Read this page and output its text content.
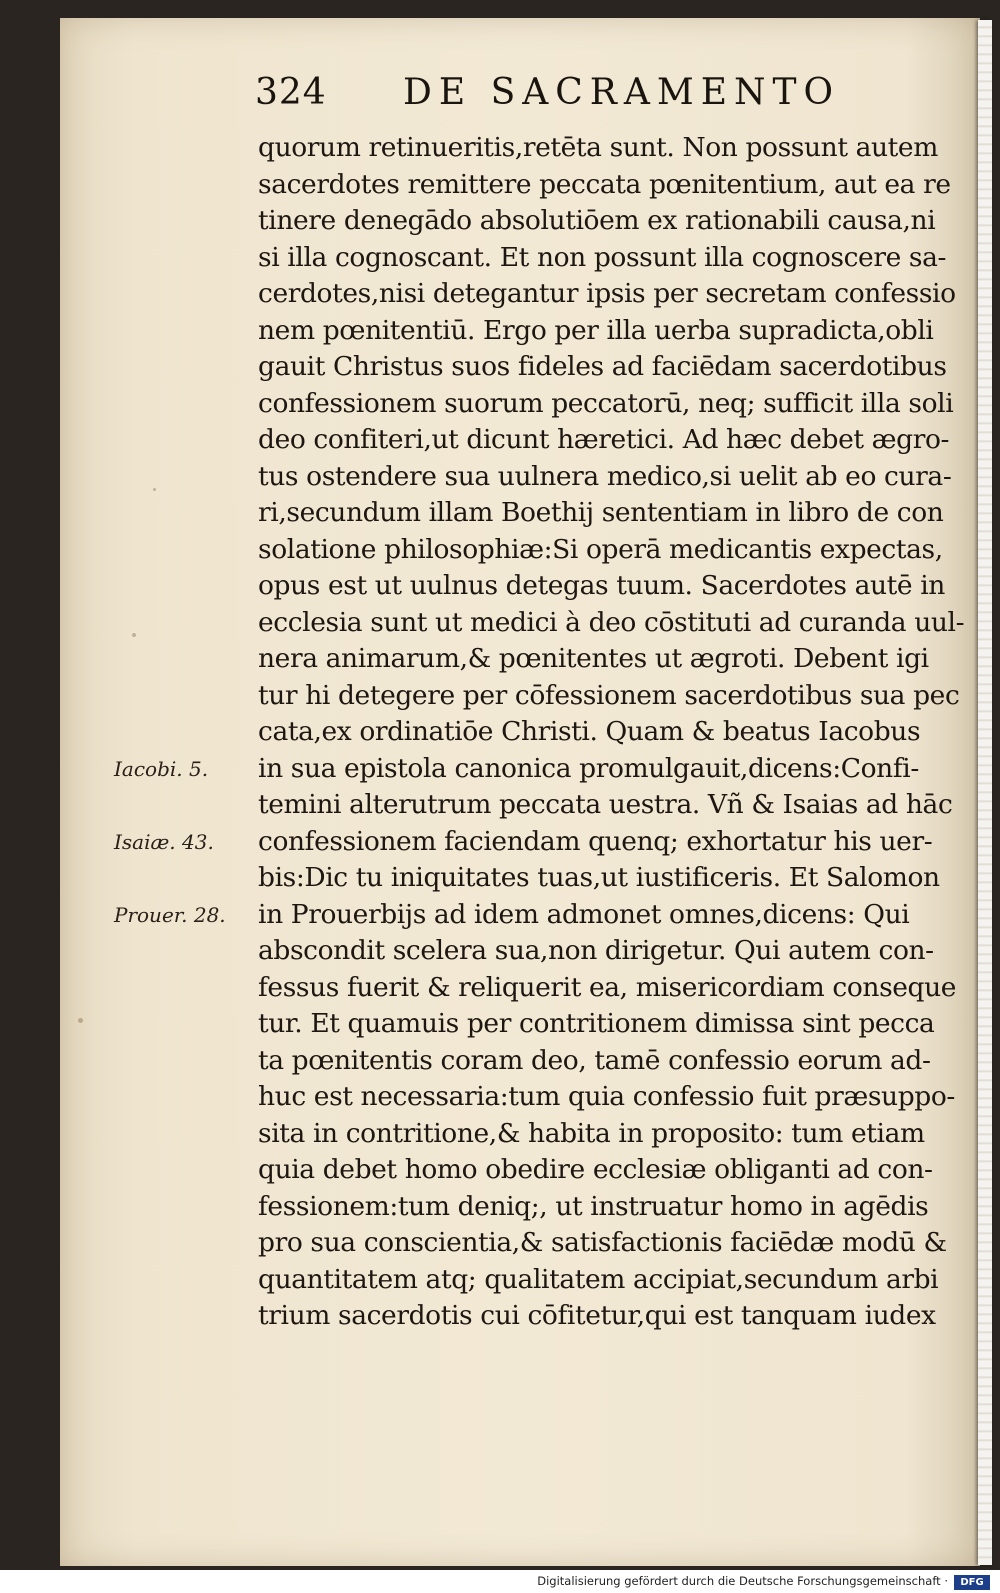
324 DE SACRAMENTO
Iacobi. 5.
Isaiæ. 43.
Prouer. 28.
quorum retinueritis,retēta sunt. Non possunt autem
sacerdotes remittere peccata pœnitentium, aut ea re
tinere denegādo absolutiōem ex rationabili causa,ni
si illa cognoscant. Et non possunt illa cognoscere sa-
cerdotes,nisi detegantur ipsis per secretam confessio
nem pœnitentiū. Ergo per illa uerba supradicta,obli
gauit Christus suos fideles ad faciēdam sacerdotibus
confessionem suorum peccatorū, neq; sufficit illa soli
deo confiteri,ut dicunt hæretici. Ad hæc debet ægro-
tus ostendere sua uulnera medico,si uelit ab eo cura-
ri,secundum illam Boethij sententiam in libro de con
solatione philosophiæ:Si operā medicantis expectas,
opus est ut uulnus detegas tuum. Sacerdotes autē in
ecclesia sunt ut medici à deo cōstituti ad curanda uul-
nera animarum,& pœnitentes ut ægroti. Debent igi
tur hi detegere per cōfessionem sacerdotibus sua pec
cata,ex ordinatiōe Christi. Quam & beatus Iacobus
in sua epistola canonica promulgauit,dicens:Confi-
temini alterutrum peccata uestra. Vñ & Isaias ad hāc
confessionem faciendam quenq; exhortatur his uer-
bis:Dic tu iniquitates tuas,ut iustificeris. Et Salomon
in Prouerbijs ad idem admonet omnes,dicens: Qui
abscondit scelera sua,non dirigetur. Qui autem con-
fessus fuerit & reliquerit ea, misericordiam conseque
tur. Et quamuis per contritionem dimissa sint pecca
ta pœnitentis coram deo, tamē confessio eorum ad-
huc est necessaria:tum quia confessio fuit præsuppo-
sita in contritione,& habita in proposito: tum etiam
quia debet homo obedire ecclesiæ obliganti ad con-
fessionem:tum deniq;, ut instruatur homo in agēdis
pro sua conscientia,& satisfactionis faciēdæ modū &
quantitatem atq; qualitatem accipiat,secundum arbi
trium sacerdotis cui cōfitetur,qui est tanquam iudex
Digitalisierung gefördert durch die Deutsche Forschungsgemeinschaft ·	DFG
